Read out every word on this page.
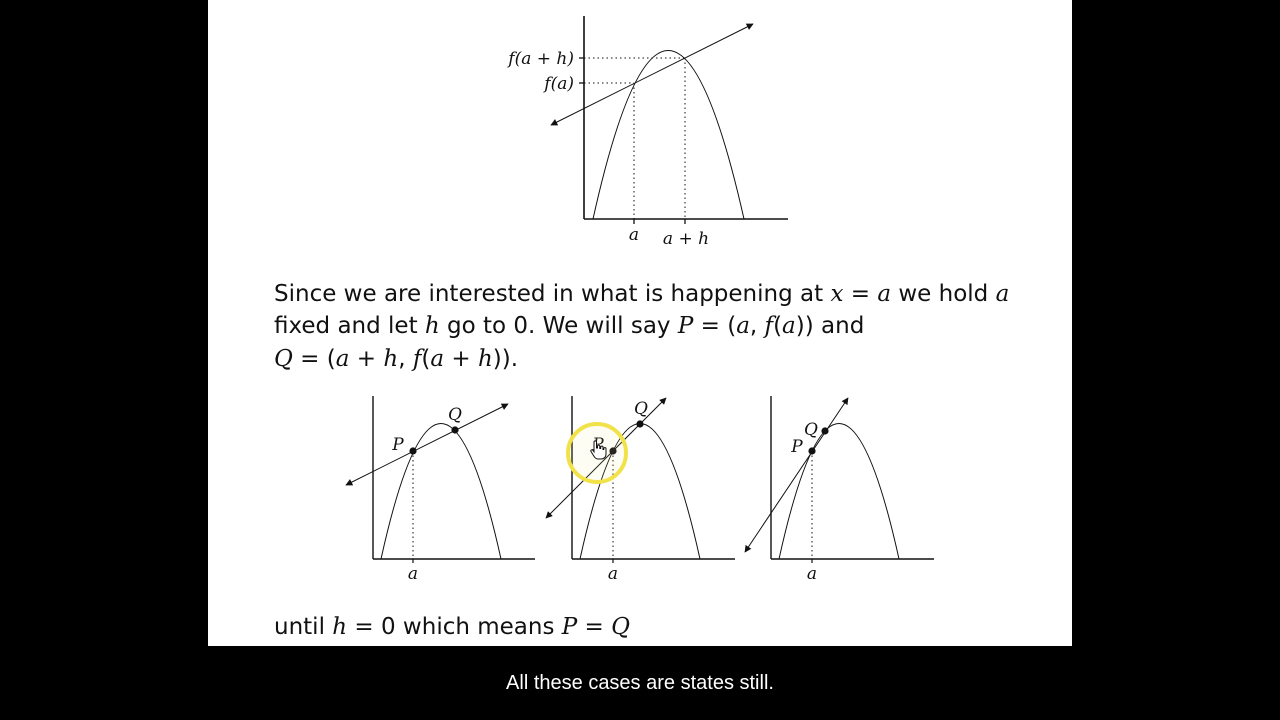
f(a + h)
f(a)
a a + h
Since we are interested in what is happening at x = a we hold a
fixed and let h go to 0. We will say P = (a, f(a)) and
Q = (a + h, f(a + h)).
P
Q
a
Q
a
P
Q
a
until h = 0 which means P = Q
All these cases are states still.
